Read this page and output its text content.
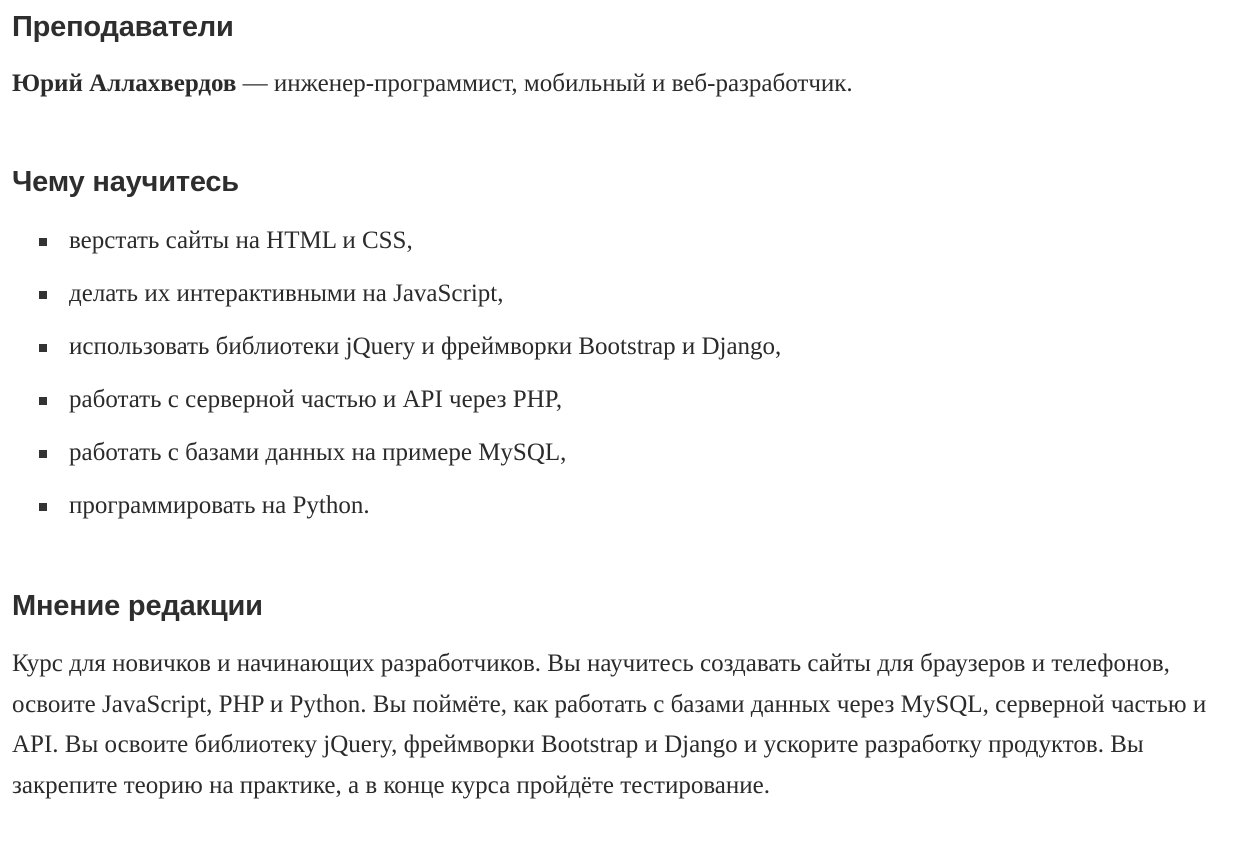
Преподаватели

Юрий Аллахвердов — инженер-программист, мобильный и веб-разработчик.

Чему научитесь
верстать сайты на HTML и CSS,
делать их интерактивными на JavaScript,
использовать библиотеки jQuery и фреймворки Bootstrap и Django,
работать с серверной частью и API через PHP,
работать с базами данных на примере MySQL,
программировать на Python.
Мнение редакции

Курс для новичков и начинающих разработчиков. Вы научитесь создавать сайты для браузеров и телефонов, освоите JavaScript, PHP и Python. Вы поймёте, как работать с базами данных через MySQL, серверной частью и API. Вы освоите библиотеку jQuery, фреймворки Bootstrap и Django и ускорите разработку продуктов. Вы закрепите теорию на практике, а в конце курса пройдёте тестирование.
